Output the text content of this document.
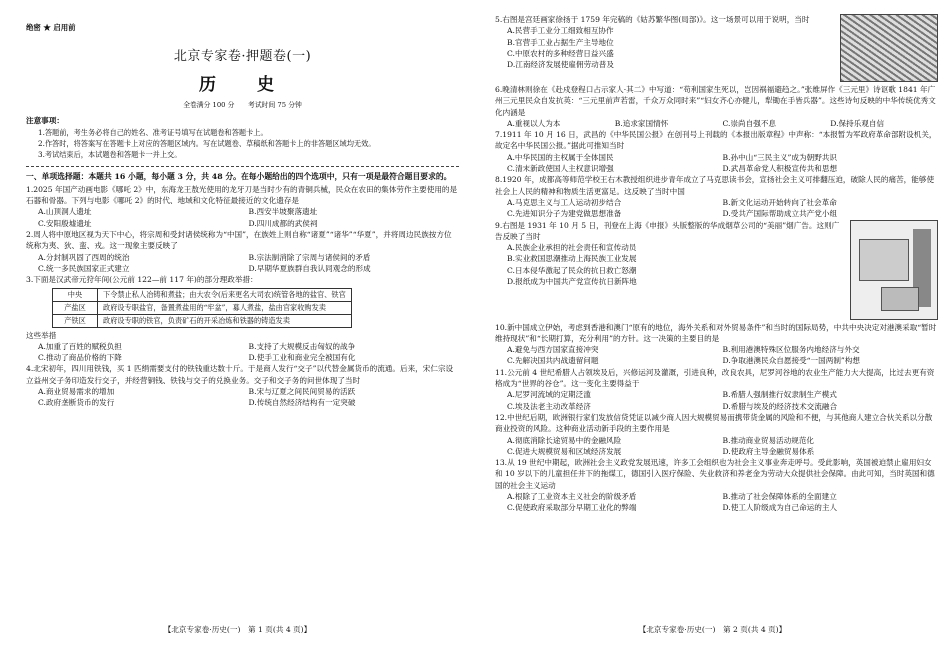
绝密 ★ 启用前
北京专家卷·押题卷(一)
历　史
全卷满分 100 分　　考试时间 75 分钟
注意事项：
1.答题前，考生务必将自己的姓名、准考证号填写在试题卷和答题卡上。
2.作答时，将答案写在答题卡上对应的答题区域内。写在试题卷、草稿纸和答题卡上的非答题区域均无效。
3.考试结束后，本试题卷和答题卡一并上交。
一、单项选择题：本题共 16 小题，每小题 3 分，共 48 分。在每小题给出的四个选项中，只有一项是最符合题目要求的。

1.2025 年国产动画电影《哪吒 2》中，东海龙王敖光使用的龙牙刀是当时少有的青铜兵械，民众在农田的集体劳作主要使用的是石器和骨器。下列与电影《哪吒 2》的时代、地域和文化特征最接近的文化遗存是

A.山顶洞人遗址	B.西安半坡聚落遗址
C.安阳殷墟遗址	D.四川成都的武侯祠

2.周人将中原地区视为天下中心，将宗周和受封诸侯统称为“中国”，在族姓上则自称“诸夏”“诸华”“华夏”，并将周边民族按方位统称为夷、狄、蛮、戎。这一现象主要反映了

A.分封制巩固了西周的统治	B.宗法制消除了宗周与诸侯间的矛盾
C.统一多民族国家正式建立	D.早期华夏族群自我认同观念的形成

3.下面是汉武帝元狩年间(公元前 122—前 117 年)的部分理政举措：

中央	下令禁止私人冶铸和煮盐；由大农令(后来更名大司农)统管各地的盐官、铁官
产盐区	政府设专职盐官，备置煮盐用的“牢盆”，募人煮盐，盐由官家收购发卖
产铁区	政府设专职的铁官，负责矿石的开采冶炼和铁器的铸造发卖

这些举措

A.加重了百姓的赋税负担	B.支持了大规模反击匈奴的战争
C.推动了商品价格的下降	D.使手工业和商业完全被国有化

4.北宋初年，四川用铁钱，买 1 匹绢需要支付的铁钱重达数十斤。于是商人发行“交子”以代替金属货币的流通。后来，宋仁宗设立益州交子务印造发行交子，并经营铜钱、铁钱与交子的兑换业务。交子和交子务的问世体现了当时

A.商业贸易需求的增加	B.宋与辽夏之间民间贸易的活跃
C.政府垄断货币的发行	D.传统自然经济结构有一定突破
【北京专家卷·历史(一)　第 1 页(共 4 页)】

5.右图是宫廷画家徐扬于 1759 年完稿的《姑苏繁华图(局部)》。这一场景可以用于说明，当时

A.民营手工业分工细致相互协作
B.官营手工业占据生产主导地位
C.中原农村的多种经营日益兴盛
D.江南经济发展使雇佣劳动普及

6.晚清林则徐在《赴戍登程口占示家人·其二》中写道：“苟利国家生死以，岂因祸福避趋之。”张维屏作《三元里》诗讴歌 1841 年广州三元里民众自发抗英：“三元里前声若雷，千众万众同时来”“妇女齐心亦健儿，犁锄在手皆兵器”。这些诗句反映的中华传统优秀文化内涵是

A.重视以人为本	B.追求家国情怀	C.崇尚自强不息	D.保持乐观自信

7.1911 年 10 月 16 日，武昌的《中华民国公报》在创刊号上刊载的《本报出版章程》中声称：“本报暂为军政府革命部附设机关，故定名中华民国公报。”据此可推知当时

A.中华民国的主权属于全体国民	B.孙中山“三民主义”成为朝野共识
C.清末新政使国人主权意识增强	D.武昌革命党人积极宣传共和思想

8.1920 年，成都高等师范学校王右木教授组织进步青年成立了马克思读书会，宣扬社会主义可排翻压迫，破除人民的痛苦，能够使社会上人民的精神和物质生活更富足。这反映了当时中国

A.马克思主义与工人运动初步结合	B.新文化运动开始转向了社会革命
C.先进知识分子为建党做思想准备	D.受共产国际帮助成立共产党小组

9.右图是 1931 年 10 月 5 日，刊登在上海《申报》头版整版的华成烟草公司的“美丽”烟广告。这则广告反映了当时

A.民族企业承担的社会责任和宣传动员
B.实业救国思潮推动上海民族工业发展
C.日本侵华激起了民众的抗日救亡怒潮
D.报纸成为中国共产党宣传抗日新阵地

10.新中国成立伊始，考虑到香港和澳门“原有的地位，海外关系和对外贸易条件”和当时的国际局势，中共中央决定对港澳采取“暂时维持现状”和“长期打算，充分利用”的方针。这一决策的主要目的是

A.避免与西方国家直接冲突	B.利用港澳特殊区位服务内地经济与外交
C.先解决国共内战遗留问题	D.争取港澳民众自愿接受“一国两制”构想

11.公元前 4 世纪希腊人占领埃及后，兴修运河及灌溉，引进良种，改良农具，尼罗河谷地的农业生产能力大大提高，比过去更有资格成为“世界的谷仓”。这一变化主要得益于

A.尼罗河流域的定期泛滥	B.希腊人强制推行奴隶制生产模式
C.埃及法老主动改革经济	D.希腊与埃及的经济技术交流融合

12.中世纪后期，欧洲银行家们发放信贷凭证以减少商人因大规模贸易而携带货金属的风险和不便，与其他商人建立合伙关系以分散商业投资的风险。这种商业活动新手段的主要作用是

A.彻底消除长途贸易中的金融风险	B.推动商业贸易活动规范化
C.促进大规模贸易和区域经济发展	D.使政府主导金融贸易体系

13.从 19 世纪中期起，欧洲社会主义政党发展迅速，许多工会组织也为社会主义事业奔走呼号。受此影响，英国被迫禁止雇用妇女和 10 岁以下的儿童担任井下的拖煤工，德国引入医疗保险、失业救济和养老金为劳动大众提供社会保障。由此可知，当时英国和德国的社会主义运动

A.根除了工业资本主义社会的阶级矛盾	B.推动了社会保障体系的全面建立
C.促使政府采取部分早期工业化的弊端	D.使工人阶级成为自己命运的主人
【北京专家卷·历史(一)　第 2 页(共 4 页)】
